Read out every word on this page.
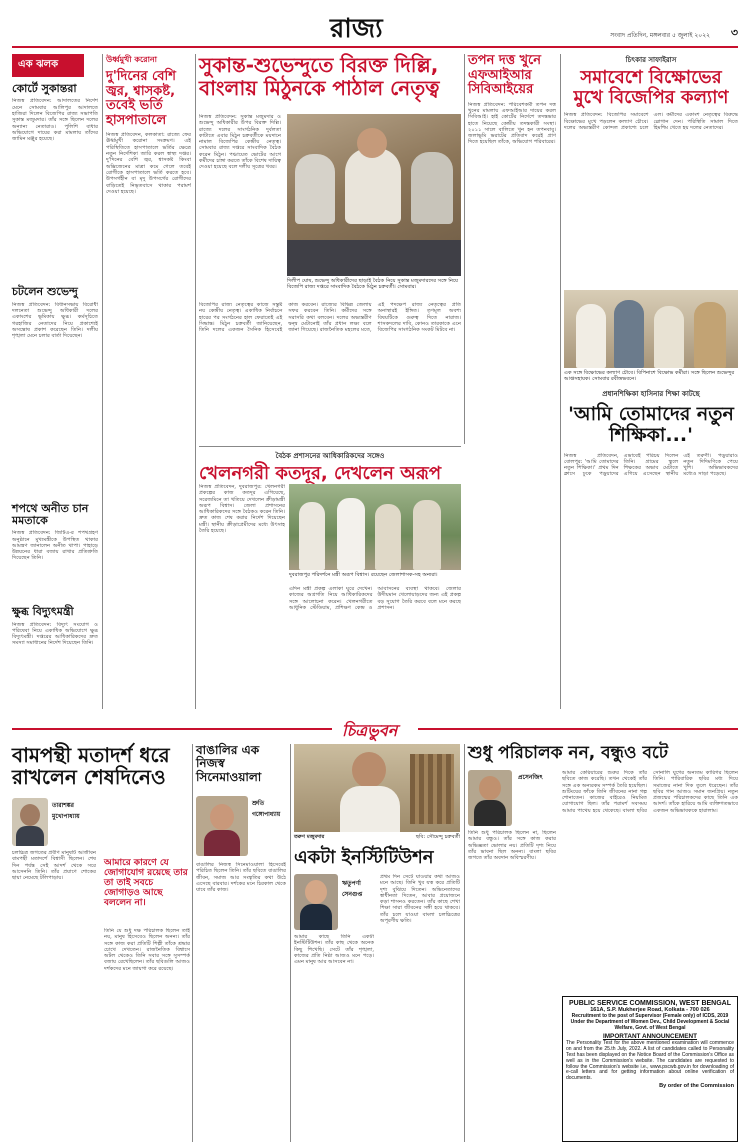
রাজ্য	সংবাদ প্রতিদিন, মঙ্গলবার ৫ জুলাই ২০২২ ৩
এক ঝলক
কোর্টে সুকান্তরা
নিজস্ব প্রতিবেদন: আদালতের নির্দেশ মেনে সোমবার আলিপুর আদালতে হাজিরা দিলেন বিজেপির রাজ্য সভাপতি সুকান্ত মজুমদার। তাঁর সঙ্গে ছিলেন দলের অন্যান্য নেতারাও। পুলিশি বাধার অভিযোগে দায়ের করা মামলায় তাঁদের জামিন মঞ্জুর হয়েছে।
চটলেন শুভেন্দু
নিজস্ব প্রতিবেদন: বিধানসভায় বিরোধী দলনেতা শুভেন্দু অধিকারী দলের একাংশের ভূমিকায় ক্ষুব্ধ। কর্মসূচিতে গরহাজির নেতাদের নিয়ে প্রকাশ্যেই অসন্তোষ প্রকাশ করেছেন তিনি। দলীয় শৃঙ্খলা মেনে চলার বার্তা দিয়েছেন।
শপথে অনীত চান মমতাকে
নিজস্ব প্রতিবেদন: জিটিএ-র শপথগ্রহণ অনুষ্ঠানে মুখ্যমন্ত্রীকে উপস্থিত থাকার আমন্ত্রণ জানালেন অনীত থাপা। পাহাড়ে উন্নয়নের ধারা বজায় রাখার প্রতিশ্রুতি দিয়েছেন তিনি।
ক্ষুব্ধ বিদ্যুৎমন্ত্রী
নিজস্ব প্রতিবেদন: বিদ্যুৎ সংযোগ ও পরিষেবা নিয়ে একাধিক অভিযোগে ক্ষুব্ধ বিদ্যুৎমন্ত্রী। দপ্তরের আধিকারিকদের দ্রুত সমস্যা সমাধানের নির্দেশ দিয়েছেন তিনি।
উর্ধ্বমুখী করোনা
দু'দিনের বেশি জ্বর, শ্বাসকষ্ট, তবেই ভর্তি হাসপাতালে
নিজস্ব প্রতিবেদন, কলকাতা: রাজ্যে ফের ঊর্ধ্বমুখী করোনা সংক্রমণ। এই পরিস্থিতিতে হাসপাতালে ভর্তির ক্ষেত্রে নতুন নির্দেশিকা জারি করল স্বাস্থ্য দপ্তর। দু'দিনের বেশি জ্বর, শ্বাসকষ্ট কিংবা অক্সিজেনের মাত্রা কমে গেলে তবেই রোগীকে হাসপাতালে ভর্তি করতে হবে। উপসর্গহীন বা মৃদু উপসর্গের রোগীদের বাড়িতেই নিভৃতবাসে থাকার পরামর্শ দেওয়া হয়েছে।
সুকান্ত-শুভেন্দুতে বিরক্ত দিল্লি, বাংলায় মিঠুনকে পাঠাল নেতৃত্ব
নিজস্ব প্রতিবেদন: সুকান্ত মজুমদার ও শুভেন্দু অধিকারীর উপর বিরক্ত দিল্লি। রাজ্যে দলের সাংগঠনিক দুর্বলতা কাটাতে এবার মিঠুন চক্রবর্তীকে ময়দানে নামাল বিজেপির কেন্দ্রীয় নেতৃত্ব। সোমবার রাজ্য দপ্তরে সাংবাদিক বৈঠক করেন মিঠুন। পঞ্চায়েত ভোটের আগে কর্মীদের চাঙ্গা করতে তাঁকে বিশেষ দায়িত্ব দেওয়া হয়েছে বলে দলীয় সূত্রের খবর।
দিলীপ ঘোষ, শুভেন্দু অধিকারীদের ছাড়াই বৈঠক নিয়ে সুকান্ত মজুমদারদের সঙ্গে নিয়ে বিজেপি রাজ্য দপ্তরে সাংবাদিক বৈঠকে মিঠুন চক্রবর্তী। সোমবার।
বিজেপির রাজ্য নেতৃত্বের কাজে সন্তুষ্ট নয় কেন্দ্রীয় নেতৃত্ব। একাধিক নির্বাচনে হারের পর সংগঠনের হাল ফেরাতেই এই সিদ্ধান্ত। মিঠুন চক্রবর্তী জানিয়েছেন, তিনি দলের একজন সৈনিক হিসেবেই কাজ করবেন। রাজ্যের বিভিন্ন জেলায় সফর করবেন তিনি। কর্মীদের সঙ্গে সরাসরি কথা বলবেন। দলের অভ্যন্তরীণ দ্বন্দ্ব মেটানোই তাঁর প্রধান লক্ষ্য বলে জানা গিয়েছে। রাজনৈতিক মহলের মতে, এই পদক্ষেপ রাজ্য নেতৃত্বের প্রতি অনাস্থারই ইঙ্গিত। তৃণমূল অবশ্য বিষয়টিকে গুরুত্ব দিতে নারাজ। শাসকদলের দাবি, কোনও তারকাকে এনে বিজেপির সাংগঠনিক সংকট মিটবে না।
তপন দত্ত খুনে এফআইআর সিবিআইয়ের
নিজস্ব প্রতিবেদন: পরিবেশকর্মী তপন দত্ত খুনের মামলায় এফআইআর দায়ের করল সিবিআই। হাই কোর্টের নির্দেশে তদন্তভার হাতে নিয়েছে কেন্দ্রীয় তদন্তকারী সংস্থা। ২০১১ সালে বালিতে খুন হন তপনবাবু। জলাভূমি ভরাটের প্রতিবাদ করেই প্রাণ দিতে হয়েছিল তাঁকে, অভিযোগ পরিবারের।
চিৎকার সাফাইরাস
সমাবেশে বিক্ষোভের মুখে বিজেপির কল্যাণ
নিজস্ব প্রতিবেদন: বিজেপির সমাবেশে বিক্ষোভের মুখে পড়লেন কল্যাণ চৌবে। দলের অভ্যন্তরীণ কোন্দল প্রকাশ্যে চলে এল। কর্মীদের একাংশ নেতৃত্বের বিরুদ্ধে স্লোগান দেন। পরিস্থিতি সামাল দিতে হিমশিম খেতে হয় দলের নেতাদের।
এক সঙ্গে বিক্ষোভের কল্যাণ চৌবে। বিপিনাশে বিক্ষোভ কর্মীরা। সঙ্গে ছিলেন শুভেন্দুর আপ্তসহায়ক। সোমবার রবীন্দ্রভবনে।
প্রধানশিক্ষিকা হাসিনার শিক্ষা কাটছে
'আমি তোমাদের নতুন শিক্ষিকা...'
নিজস্ব প্রতিবেদন, বোলপুর: 'আমি তোমাদের নতুন শিক্ষিকা।' প্রথম দিন ক্লাসে ঢুকে পড়ুয়াদের এভাবেই পরিচয় দিলেন তিনি। গ্রামের স্কুলে শিক্ষকের অভাব মেটাতে এগিয়ে এসেছেন স্থানীয় এই তরুণী। পড়ুয়ারাও নতুন দিদিমণিকে পেয়ে খুশি। অভিভাবকদের মধ্যেও সাড়া পড়েছে।
বৈঠক প্রশাসনের আধিকারিকদের সঙ্গেও
খেলনগরী কতদূর, দেখলেন অরূপ
নিজস্ব প্রতিবেদন, দুবরাজপুর: খেলনগরী প্রকল্পের কাজ কতদূর এগিয়েছে, সরেজমিনে তা খতিয়ে দেখলেন ক্রীড়ামন্ত্রী অরূপ বিশ্বাস। জেলা প্রশাসনের আধিকারিকদের সঙ্গে বৈঠকও করেন তিনি। দ্রুত কাজ শেষ করার নির্দেশ দিয়েছেন মন্ত্রী। স্থানীয় ক্রীড়াপ্রেমীদের মধ্যে উৎসাহ তৈরি হয়েছে।
দুবরাজপুর পরিদর্শনে মন্ত্রী অরূপ বিশ্বাস। রয়েছেন জেলাশাসক-সহ অন্যরা।
এদিন মন্ত্রী প্রকল্প এলাকা ঘুরে দেখেন। কাজের অগ্রগতি নিয়ে আধিকারিকদের সঙ্গে আলোচনা করেন। খেলনগরীতে আধুনিক স্টেডিয়াম, প্রশিক্ষণ কেন্দ্র ও আবাসনের ব্যবস্থা থাকবে। জেলার উদীয়মান খেলোয়াড়দের জন্য এই প্রকল্প বড় সুযোগ তৈরি করবে বলে মনে করছে প্রশাসন।
চিত্রভুবন
বামপন্থী মতাদর্শ ধরে রাখলেন শেষদিনেও
তারাশঙ্কর মুখোপাধ্যায়
চলচ্চিত্র জগতের প্রবীণ মানুষটি আজীবন বামপন্থী মতাদর্শে বিশ্বাসী ছিলেন। শেষ দিন পর্যন্ত সেই আদর্শ থেকে সরে আসেননি তিনি। তাঁর প্রয়াণে শোকের ছায়া নেমেছে টলিপাড়ায়।
আমারে কারণে যে জোগাযোগ রয়েছে তার তা তাই সবচে জোগাড়ও আছে বললেন না।
তিনি যে শুধু দক্ষ পরিচালক ছিলেন তাই নয়, মানুষ হিসেবেও ছিলেন অনন্য। তাঁর সঙ্গে কাজ করা প্রতিটি শিল্পী তাঁকে শ্রদ্ধার চোখে দেখতেন। রাজনৈতিক বিশ্বাসে অটল থেকেও তিনি সবার সঙ্গে সুসম্পর্ক বজায় রেখেছিলেন। তাঁর ছবিগুলি আজও দর্শকদের মনে জায়গা করে রয়েছে।
বাঙালির এক নিজস্ব সিনেমাওয়ালা
শ্রুতি গঙ্গোপাধ্যায়
বাঙালির নিজস্ব সিনেমাওয়ালা হিসেবেই পরিচিত ছিলেন তিনি। তাঁর ছবিতে বাঙালির জীবন, সমাজ আর সংস্কৃতির কথা উঠে এসেছে বারবার। দর্শকের মনে চিরকাল থেকে যাবে তাঁর কাজ।
তরুণ মজুমদার	ছবি: সৌমেন্দু চক্রবর্তী
একটা ইনস্টিটিউশন
ঋতুপর্ণা সেনগুপ্ত
আমার কাছে তিনি একটা ইনস্টিটিউশন। তাঁর কাছ থেকে অনেক কিছু শিখেছি। সেটে তাঁর শৃঙ্খলা, কাজের প্রতি নিষ্ঠা আজও মনে পড়ে। এমন মানুষ আর আসবেন না।
প্রথম দিন সেটে যাওয়ার কথা আজও মনে আছে। তিনি খুব যত্ন করে প্রতিটি দৃশ্য বুঝিয়ে দিতেন। অভিনেতাদের স্বাধীনতা দিতেন, আবার প্রয়োজনে কড়া শাসনও করতেন। তাঁর কাছে শেখা শিক্ষা সারা জীবনের সঙ্গী হয়ে থাকবে। তাঁর চলে যাওয়া বাংলা চলচ্চিত্রের অপূরণীয় ক্ষতি।
শুধু পরিচালক নন, বন্ধুও বটে
প্রসেনজিৎ
তিনি শুধু পরিচালক ছিলেন না, ছিলেন আমার বন্ধুও। তাঁর সঙ্গে কাজ করার অভিজ্ঞতা ভোলার নয়। প্রতিটি দৃশ্য নিয়ে তাঁর ভাবনা ছিল অনন্য। বাংলা ছবির জগতে তাঁর অবদান অবিস্মরণীয়।
আমার কেরিয়ারের শুরুর দিকে তাঁর ছবিতে কাজ করেছি। তখন থেকেই তাঁর সঙ্গে এক অন্যরকম সম্পর্ক তৈরি হয়েছিল। শুটিংয়ের ফাঁকে তিনি জীবনের নানা গল্প শোনাতেন। কাজের বাইরেও নিয়মিত যোগাযোগ ছিল। তাঁর পরামর্শ সবসময় আমার পাথেয় হয়ে থেকেছে। বাংলা ছবির সোনালি যুগের অন্যতম কারিগর ছিলেন তিনি। পারিবারিক ছবির মধ্য দিয়ে সমাজের নানা দিক তুলে ধরেছেন। তাঁর ছবির গান আজও সমান জনপ্রিয়। নতুন প্রজন্মের পরিচালকদের কাছে তিনি এক আদর্শ। তাঁকে হারিয়ে আমি ব্যক্তিগতভাবে একজন অভিভাবককে হারালাম।
PUBLIC SERVICE COMMISSION, WEST BENGAL
161A, S.P. Mukherjee Road, Kolkata - 700 026
Recruitment to the post of Supervisor (Female only) of ICDS, 2019 Under the Department of Women Dev., Child Development & Social Welfare, Govt. of West Bengal
IMPORTANT ANNOUNCEMENT
The Personality Test for the above mentioned examination will commence on and from the 25.th July, 2022. A list of candidates called to Personality Test has been displayed on the Notice Board of the Commission's Office as well as in the Commission's website. The candidates are requested to follow the Commission's website i.e., www.pscwb.gov.in for downloading of e-call letters and for getting information about online verification of documents.
By order of the Commission
